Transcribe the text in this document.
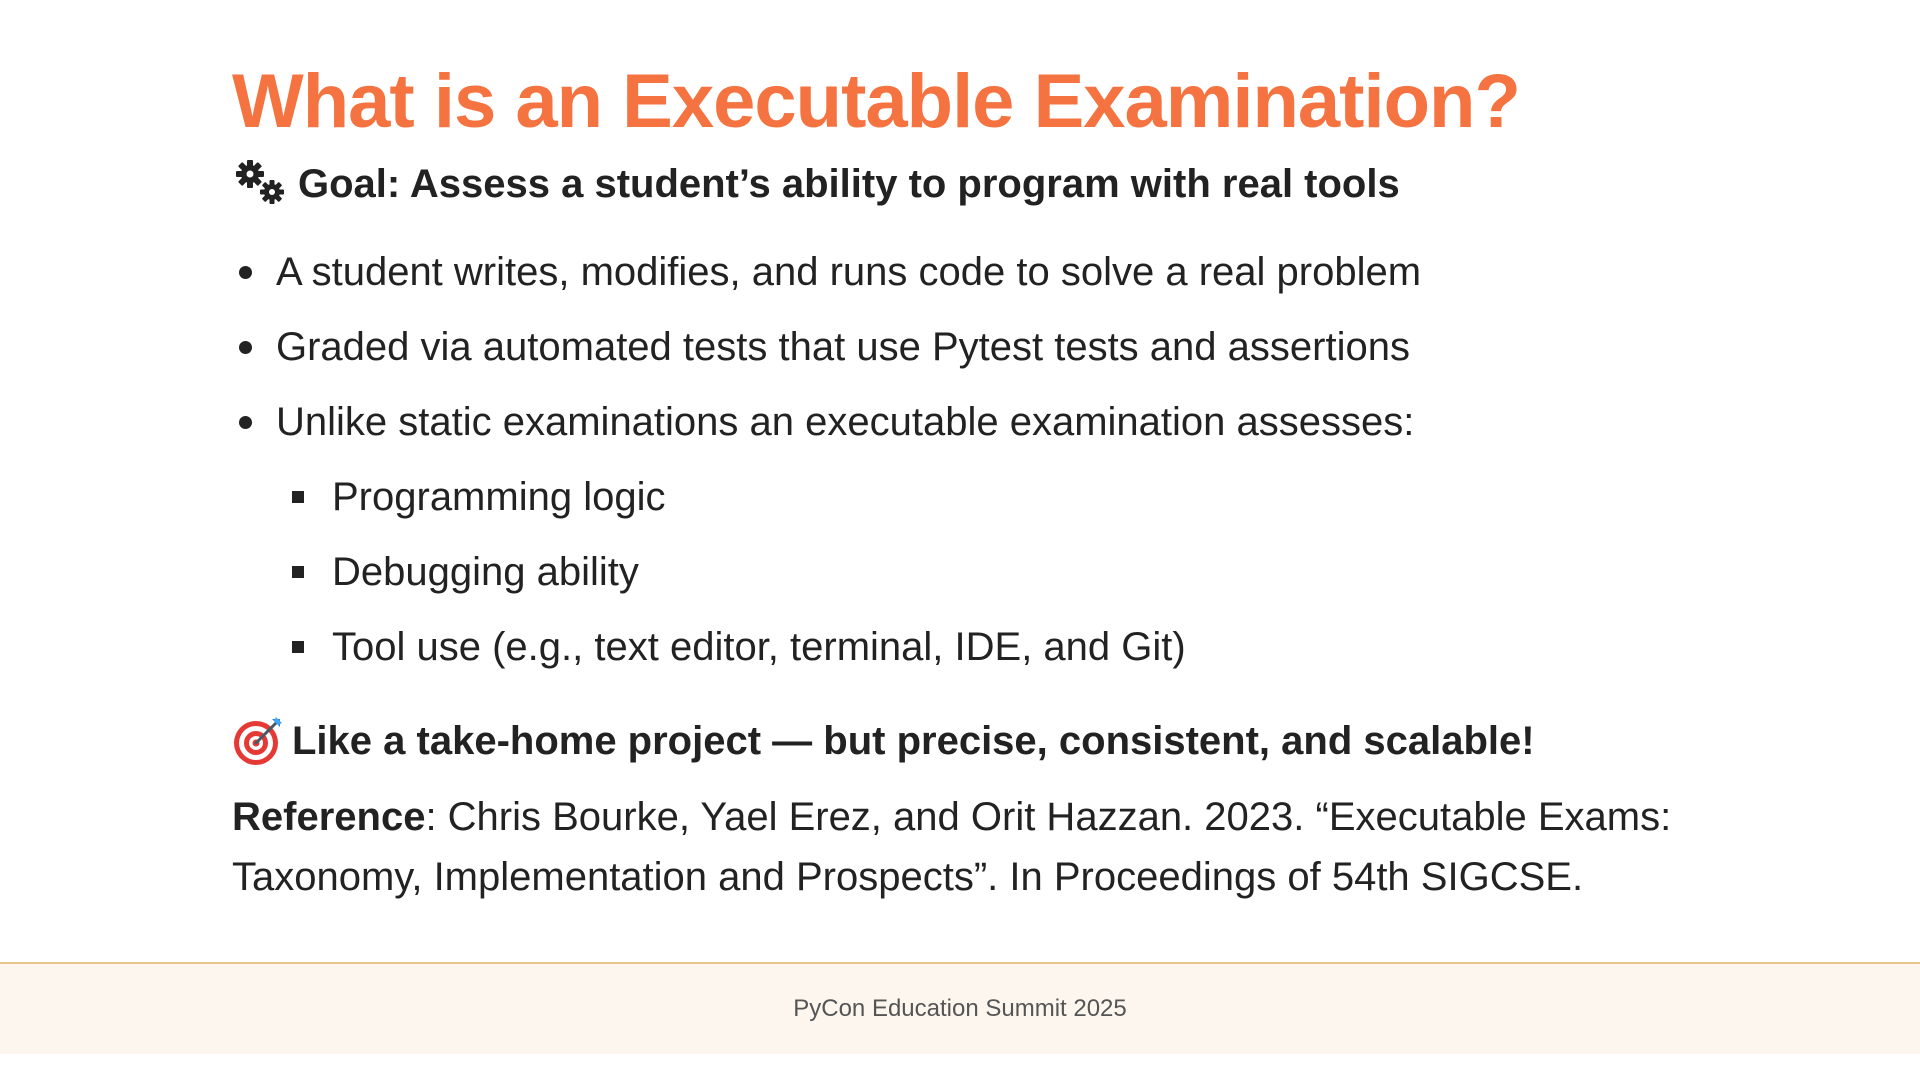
What is an Executable Examination?
Goal: Assess a student’s ability to program with real tools
A student writes, modifies, and runs code to solve a real problem
Graded via automated tests that use Pytest tests and assertions
Unlike static examinations an executable examination assesses:
Programming logic
Debugging ability
Tool use (e.g., text editor, terminal, IDE, and Git)
Like a take-home project — but precise, consistent, and scalable!
Reference: Chris Bourke, Yael Erez, and Orit Hazzan. 2023. “Executable Exams: Taxonomy, Implementation and Prospects”. In Proceedings of 54th SIGCSE.
PyCon Education Summit 2025
